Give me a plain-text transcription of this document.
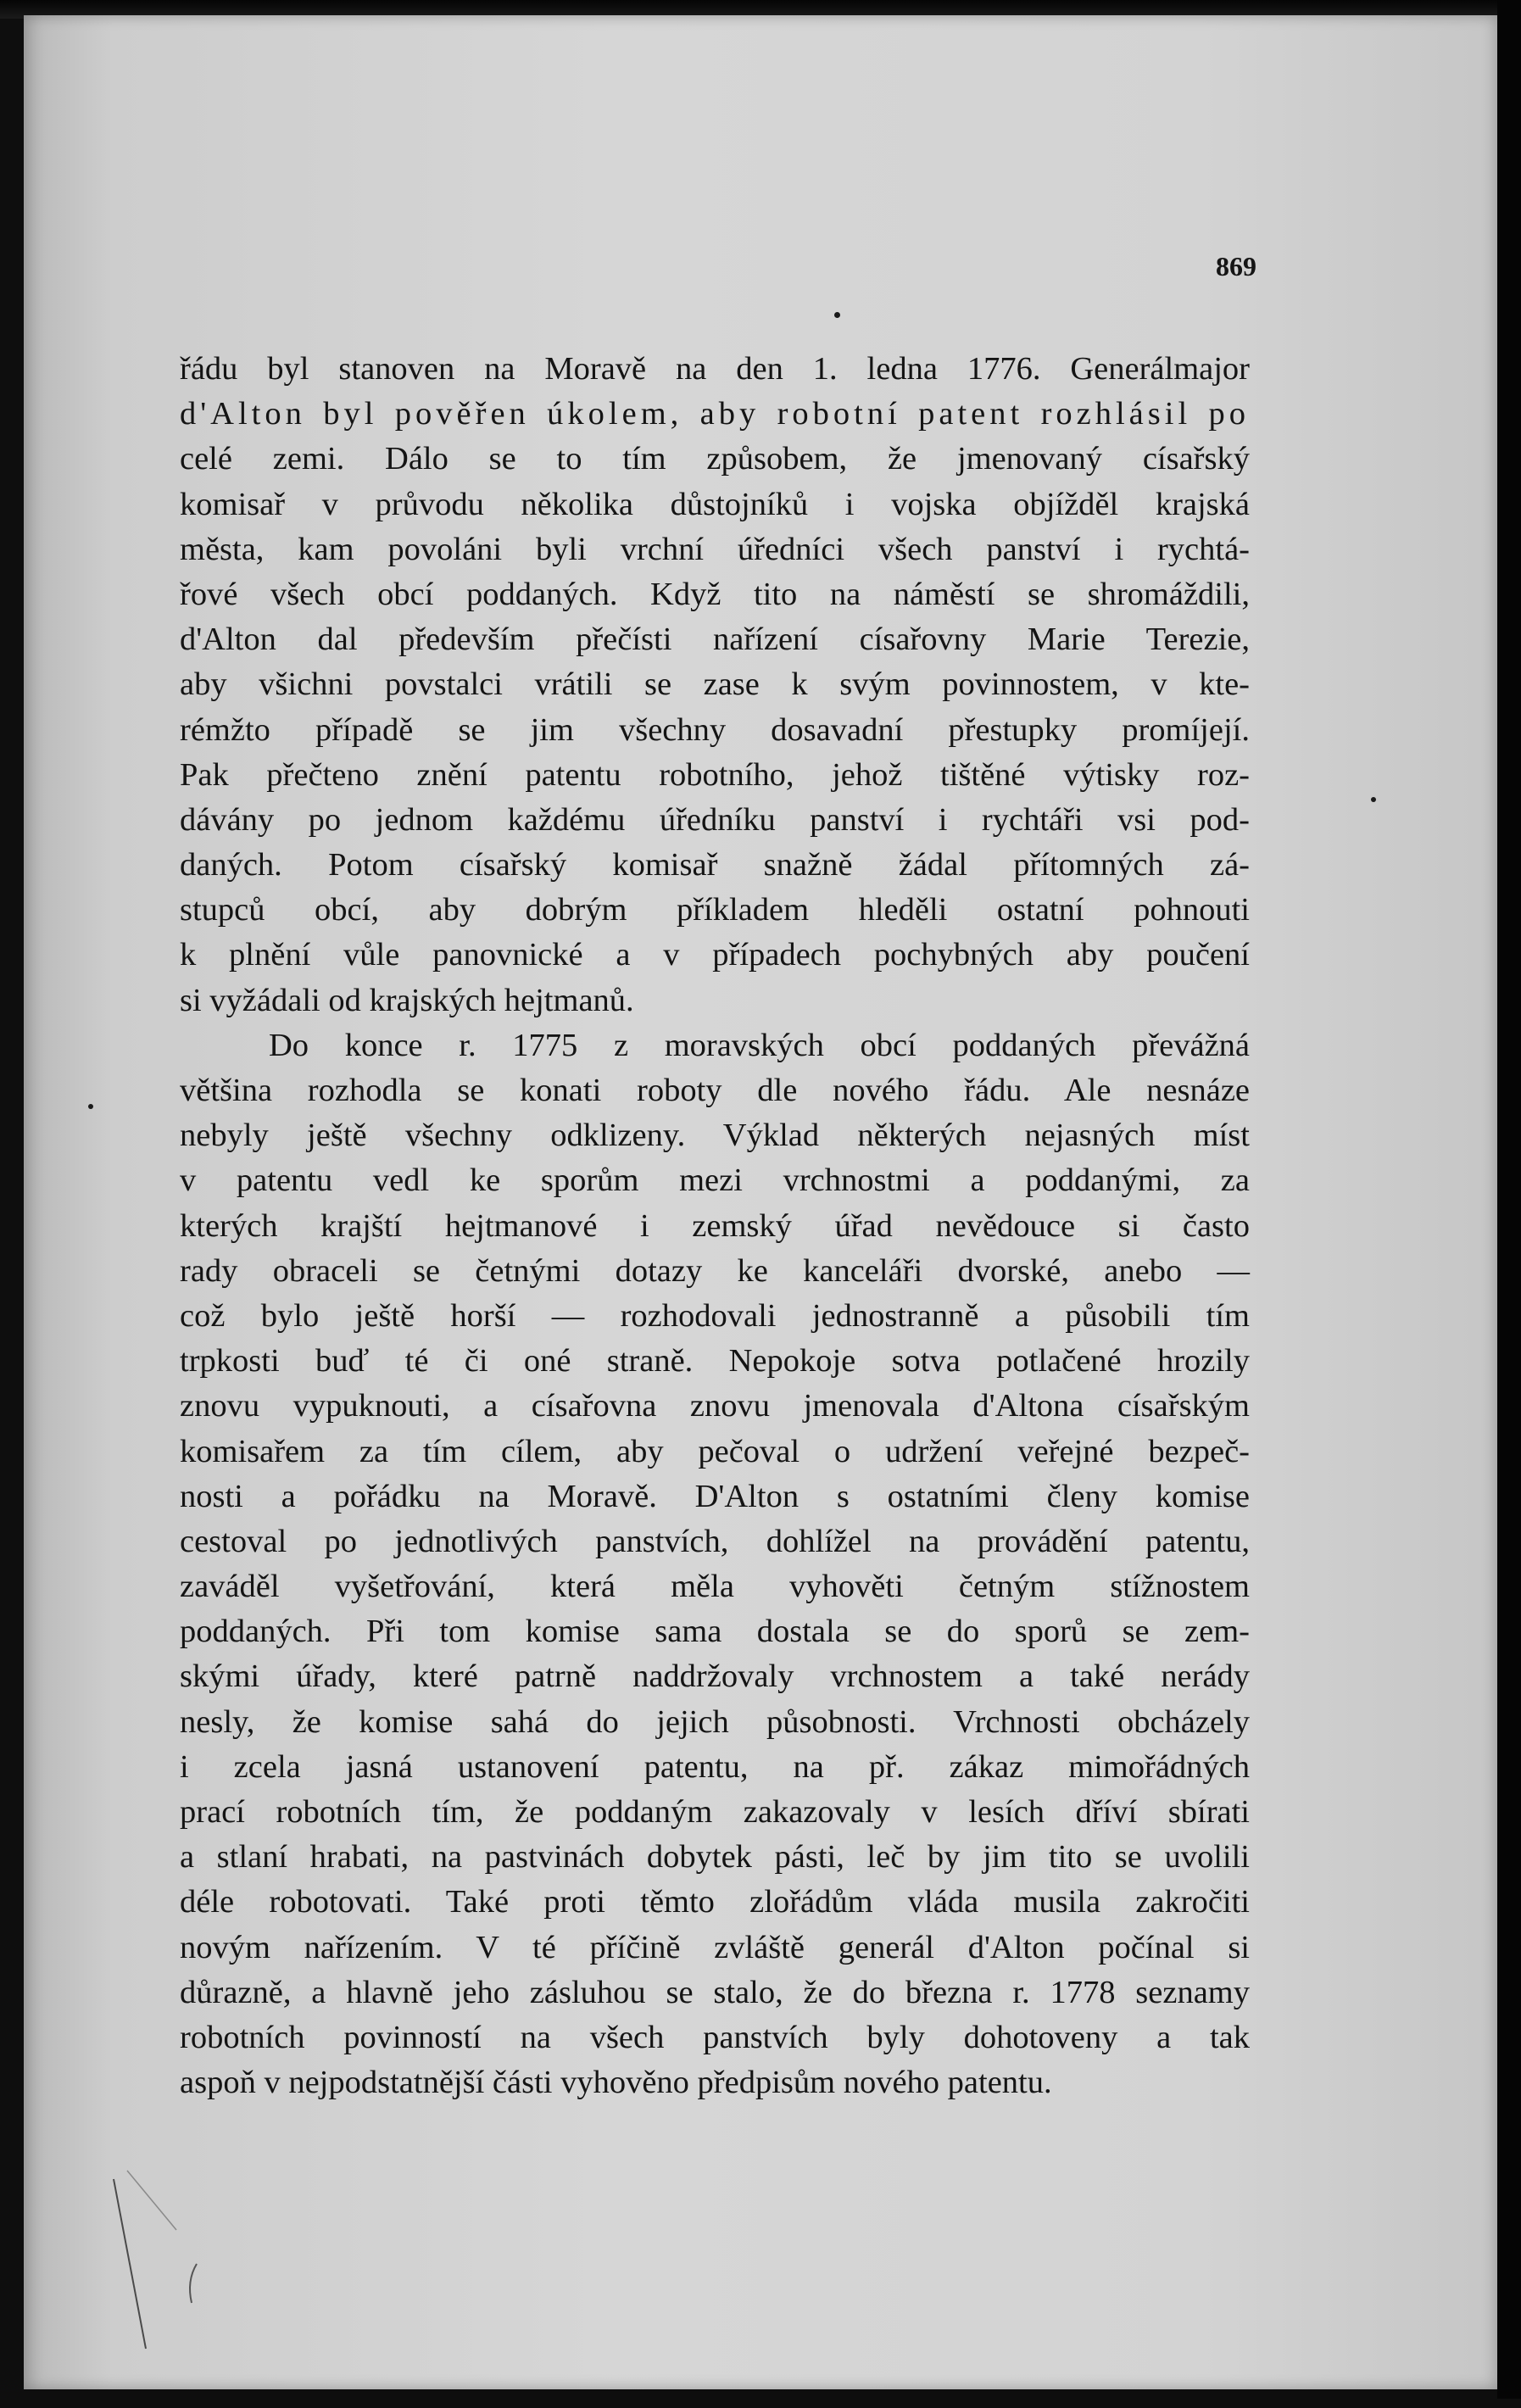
869
řádu byl stanoven na Moravě na den 1. ledna 1776. Generálmajor
d'Alton byl pověřen úkolem, aby robotní patent rozhlásil po
celé zemi. Dálo se to tím způsobem, že jmenovaný císařský
komisař v průvodu několika důstojníků i vojska objížděl krajská
města, kam povoláni byli vrchní úředníci všech panství i rychtá-
řové všech obcí poddaných. Když tito na náměstí se shromáždili,
d'Alton dal především přečísti nařízení císařovny Marie Terezie,
aby všichni povstalci vrátili se zase k svým povinnostem, v kte-
rémžto případě se jim všechny dosavadní přestupky promíjejí.
Pak přečteno znění patentu robotního, jehož tištěné výtisky roz-
dávány po jednom každému úředníku panství i rychtáři vsi pod-
daných. Potom císařský komisař snažně žádal přítomných zá-
stupců obcí, aby dobrým příkladem hleděli ostatní pohnouti
k plnění vůle panovnické a v případech pochybných aby poučení
si vyžádali od krajských hejtmanů.
Do konce r. 1775 z moravských obcí poddaných převážná
většina rozhodla se konati roboty dle nového řádu. Ale nesnáze
nebyly ještě všechny odklizeny. Výklad některých nejasných míst
v patentu vedl ke sporům mezi vrchnostmi a poddanými, za
kterých krajští hejtmanové i zemský úřad nevědouce si často
rady obraceli se četnými dotazy ke kanceláři dvorské, anebo —
což bylo ještě horší — rozhodovali jednostranně a působili tím
trpkosti buď té či oné straně. Nepokoje sotva potlačené hrozily
znovu vypuknouti, a císařovna znovu jmenovala d'Altona císařským
komisařem za tím cílem, aby pečoval o udržení veřejné bezpeč-
nosti a pořádku na Moravě. D'Alton s ostatními členy komise
cestoval po jednotlivých panstvích, dohlížel na provádění patentu,
zaváděl vyšetřování, která měla vyhověti četným stížnostem
poddaných. Při tom komise sama dostala se do sporů se zem-
skými úřady, které patrně naddržovaly vrchnostem a také nerády
nesly, že komise sahá do jejich působnosti. Vrchnosti obcházely
i zcela jasná ustanovení patentu, na př. zákaz mimořádných
prací robotních tím, že poddaným zakazovaly v lesích dříví sbírati
a stlaní hrabati, na pastvinách dobytek pásti, leč by jim tito se uvolili
déle robotovati. Také proti těmto zlořádům vláda musila zakročiti
novým nařízením. V té příčině zvláště generál d'Alton počínal si
důrazně, a hlavně jeho zásluhou se stalo, že do března r. 1778 seznamy
robotních povinností na všech panstvích byly dohotoveny a tak
aspoň v nejpodstatnější části vyhověno předpisům nového patentu.
